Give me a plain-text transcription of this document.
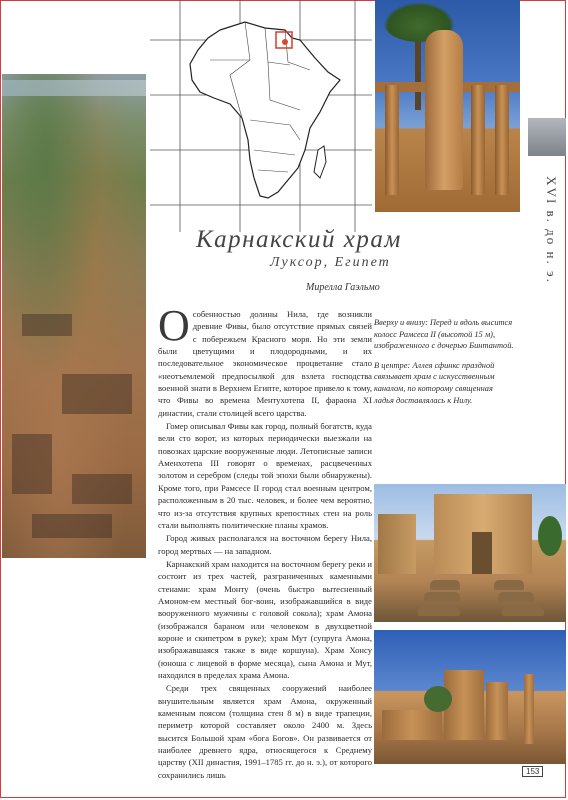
XVI в. до н. э.
Карнакский храм
Луксор, Египет
Мирелла Гаэльмо

Особенностью долины Нила, где возникли древние Фивы, было отсутствие прямых связей с побережьем Красного моря. Но эти земли были цветущими и плодородными, и их последовательное экономическое процветание стало «неотъемлемой предпосылкой для взлета господства военной знати в Верхнем Египте, которое привело к тому, что Фивы во времена Ментухотепа II, фараона XI династии, стали столицей всего царства.

Гомер описывал Фивы как город, полный богатств, куда вели сто ворот, из которых периодически выезжали на повозках царские вооруженные люди. Летописные записи Аменхотепа III говорят о временах, расцвеченных золотом и серебром (следы той эпохи были обнаружены). Кроме того, при Рамсесе II город стал военным центром, расположенным в 20 тыс. человек, и более чем вероятно, что из-за отсутствия крупных крепостных стен на роль стали выполнять политические планы храмов.

Город живых располагался на восточном берегу Нила, город мертвых — на западном.

Карнакский храм находится на восточном берегу реки и состоит из трех частей, разграниченных каменными стенами: храм Монту (очень быстро вытесненный Амоном-ем местный бог-воин, изображавшийся в виде вооруженного мужчины с головой сокола); храм Амона (изображался бараном или человеком в двухцветной короне и скипетром в руке); храм Мут (супруга Амона, изображавшаяся также в виде коршуна). Храм Хонсу (юноша с лицевой в форме месяца), сына Амона и Мут, находился в пределах храма Амона.

Среди трех священных сооружений наиболее внушительным является храм Амона, окруженный каменным поясом (толщина стен 8 м) в виде трапеции, периметр которой составляет около 2400 м. Здесь высится Большой храм «бога Богов». Он развивается от наиболее древнего ядра, относящегося к Среднему царству (XII династия, 1991–1785 гг. до н. э.), от которого сохранились лишь

Вверху и внизу: Перед и вдоль высится колосс Рамсеса II (высотой 15 м), изображенного с дочерью Бинтантой.
В центре: Аллея сфинкс праздной связывает храм с искусственным каналом, по которому священная ладья доставлялась к Нилу.
153
